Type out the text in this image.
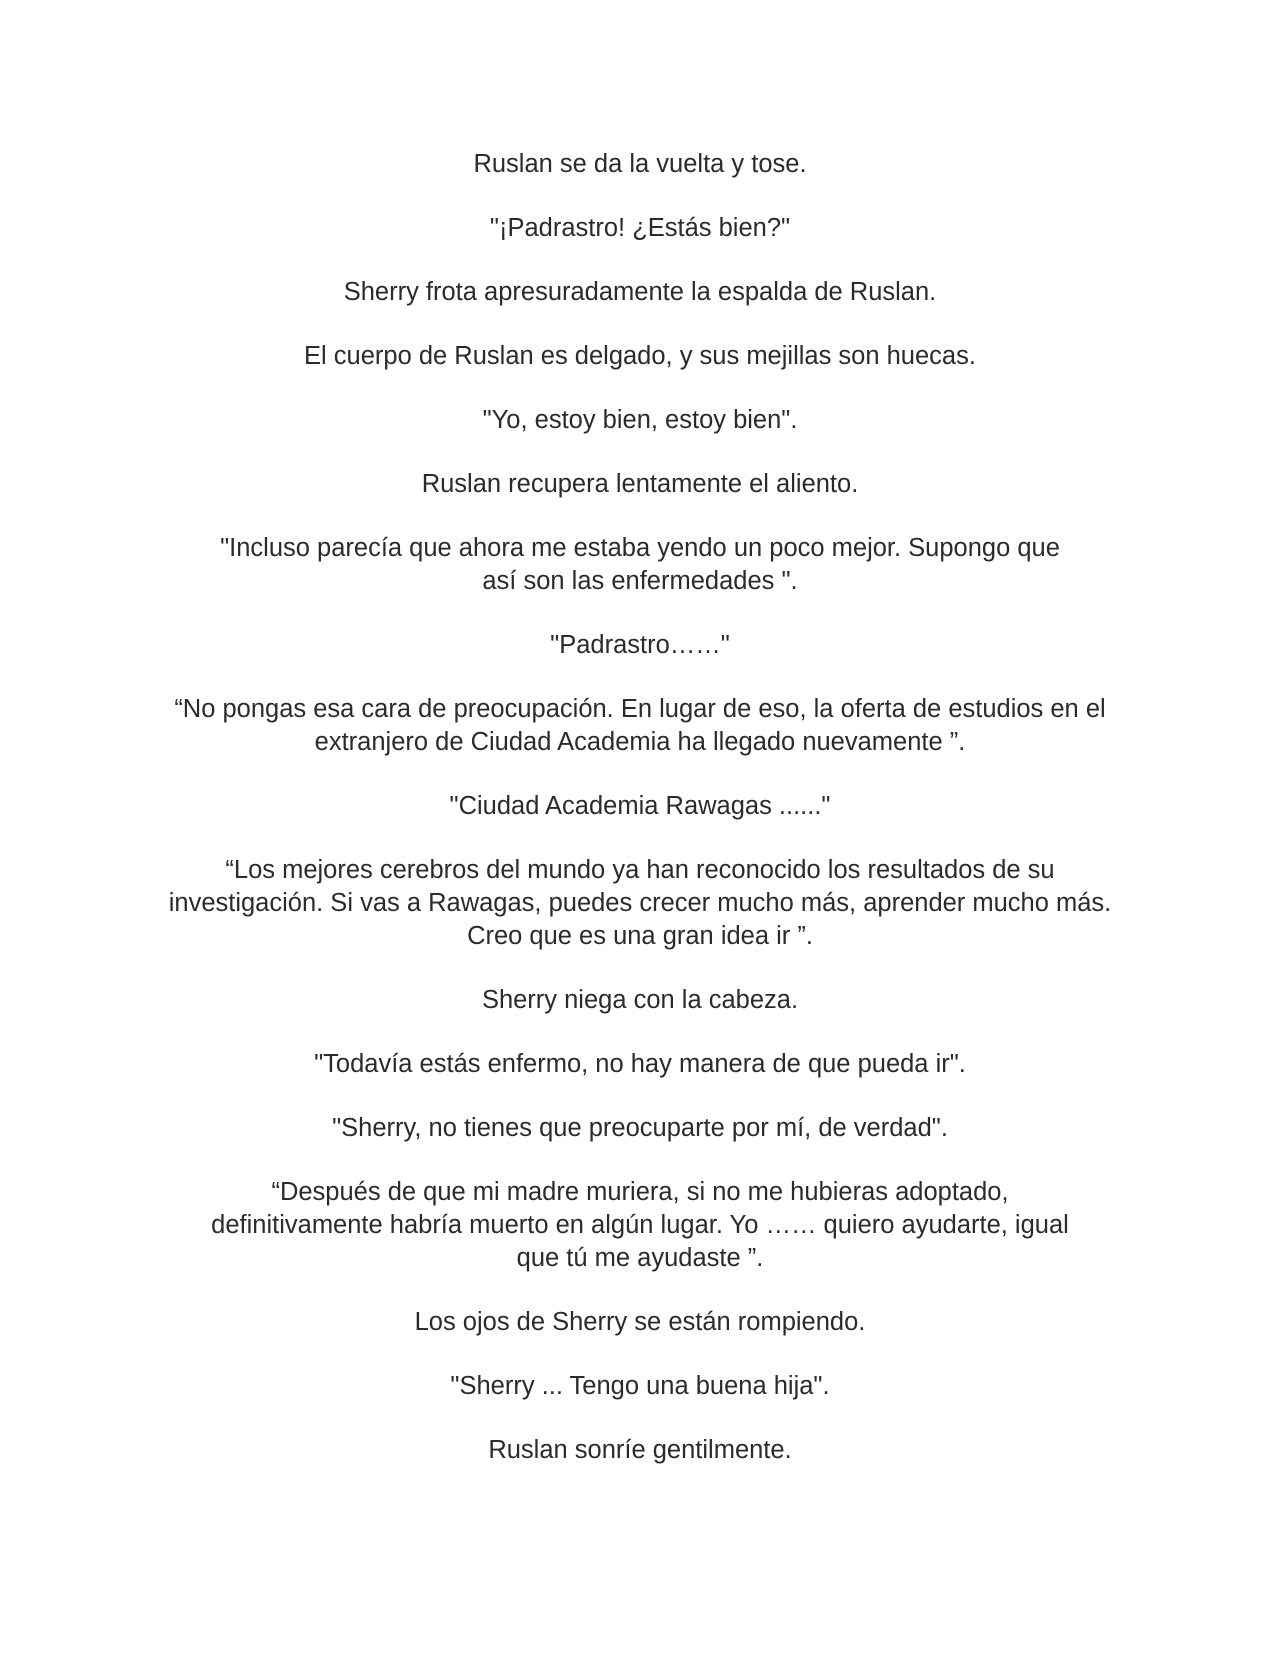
Ruslan se da la vuelta y tose.

"¡Padrastro! ¿Estás bien?"

Sherry frota apresuradamente la espalda de Ruslan.

El cuerpo de Ruslan es delgado, y sus mejillas son huecas.

"Yo, estoy bien, estoy bien".

Ruslan recupera lentamente el aliento.

"Incluso parecía que ahora me estaba yendo un poco mejor. Supongo que así son las enfermedades ".

"Padrastro……"

“No pongas esa cara de preocupación. En lugar de eso, la oferta de estudios en el extranjero de Ciudad Academia ha llegado nuevamente ”.

"Ciudad Academia Rawagas ......"

“Los mejores cerebros del mundo ya han reconocido los resultados de su investigación. Si vas a Rawagas, puedes crecer mucho más, aprender mucho más. Creo que es una gran idea ir ”.

Sherry niega con la cabeza.

"Todavía estás enfermo, no hay manera de que pueda ir".

"Sherry, no tienes que preocuparte por mí, de verdad".

“Después de que mi madre muriera, si no me hubieras adoptado, definitivamente habría muerto en algún lugar. Yo …… quiero ayudarte, igual que tú me ayudaste ”.

Los ojos de Sherry se están rompiendo.

"Sherry ... Tengo una buena hija".

Ruslan sonríe gentilmente.
